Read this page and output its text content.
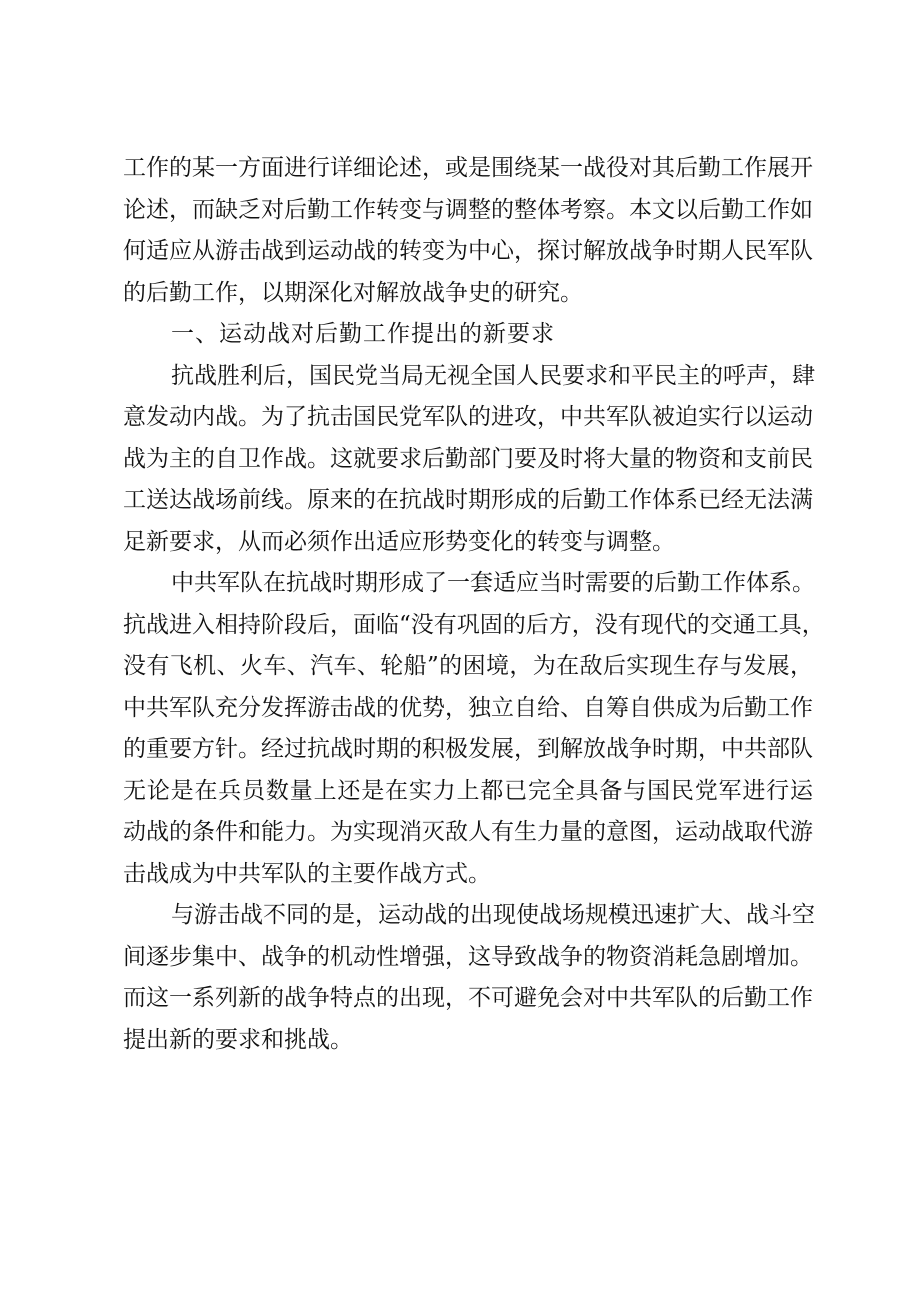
工作的某一方面进行详细论述，或是围绕某一战役对其后勤工作展开
论述，而缺乏对后勤工作转变与调整的整体考察。本文以后勤工作如
何适应从游击战到运动战的转变为中心，探讨解放战争时期人民军队
的后勤工作，以期深化对解放战争史的研究。
一、运动战对后勤工作提出的新要求
抗战胜利后，国民党当局无视全国人民要求和平民主的呼声，肆
意发动内战。为了抗击国民党军队的进攻，中共军队被迫实行以运动
战为主的自卫作战。这就要求后勤部门要及时将大量的物资和支前民
工送达战场前线。原来的在抗战时期形成的后勤工作体系已经无法满
足新要求，从而必须作出适应形势变化的转变与调整。
中共军队在抗战时期形成了一套适应当时需要的后勤工作体系。
抗战进入相持阶段后，面临“没有巩固的后方，没有现代的交通工具，
没有飞机、火车、汽车、轮船”的困境，为在敌后实现生存与发展，
中共军队充分发挥游击战的优势，独立自给、自筹自供成为后勤工作
的重要方针。经过抗战时期的积极发展，到解放战争时期，中共部队
无论是在兵员数量上还是在实力上都已完全具备与国民党军进行运
动战的条件和能力。为实现消灭敌人有生力量的意图，运动战取代游
击战成为中共军队的主要作战方式。
与游击战不同的是，运动战的出现使战场规模迅速扩大、战斗空
间逐步集中、战争的机动性增强，这导致战争的物资消耗急剧增加。
而这一系列新的战争特点的出现，不可避免会对中共军队的后勤工作
提出新的要求和挑战。
